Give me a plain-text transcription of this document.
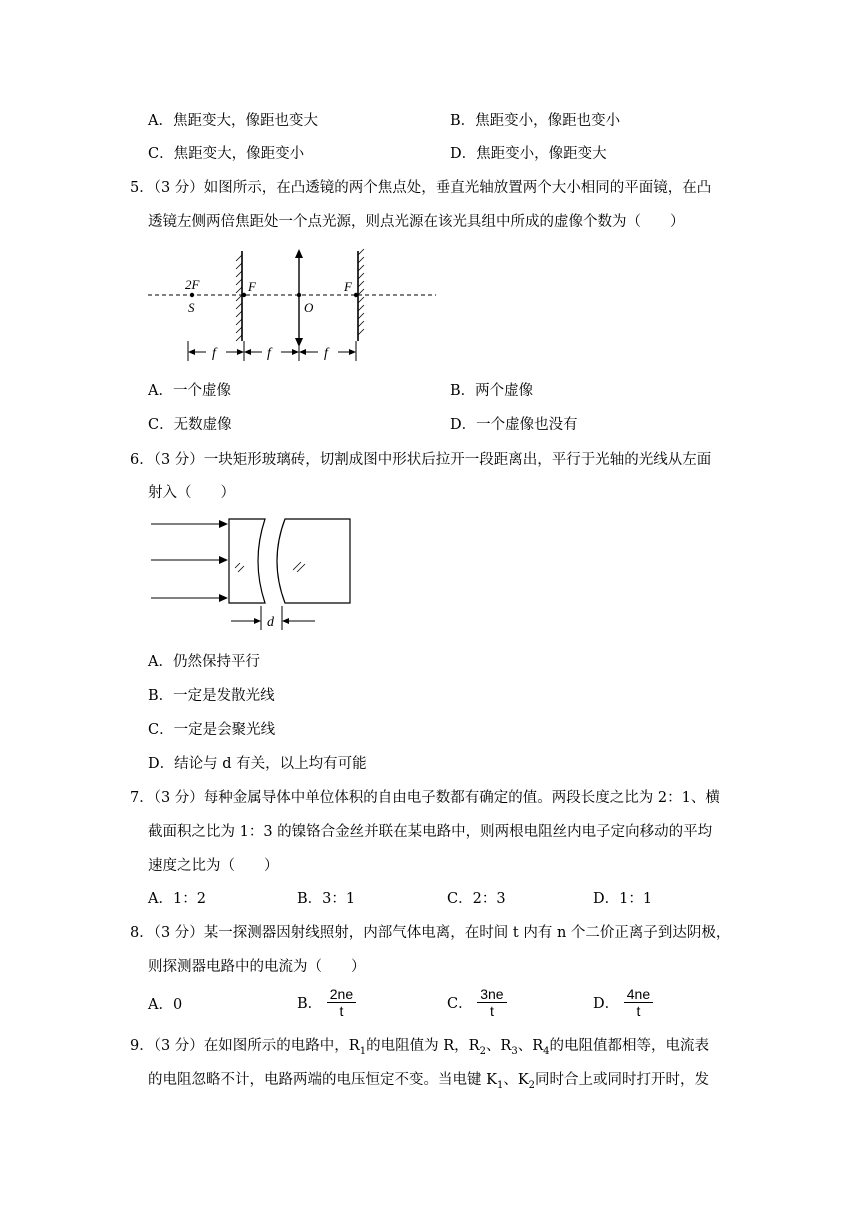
A．焦距变大，像距也变大	B．焦距变小，像距也变小
C．焦距变大，像距变小	D．焦距变小，像距变大
5．（3 分）如图所示，在凸透镜的两个焦点处，垂直光轴放置两个大小相同的平面镜，在凸
透镜左侧两倍焦距处一个点光源，则点光源在该光具组中所成的虚像个数为（　　）
2F
S
F
O
F
f	f	f
A．一个虚像	B．两个虚像
C．无数虚像	D．一个虚像也没有
6．（3 分）一块矩形玻璃砖，切割成图中形状后拉开一段距离出，平行于光轴的光线从左面
射入（　　）
d
A．仍然保持平行
B．一定是发散光线
C．一定是会聚光线
D．结论与 d 有关，以上均有可能
7．（3 分）每种金属导体中单位体积的自由电子数都有确定的值。两段长度之比为 2：1、横
截面积之比为 1：3 的镍铬合金丝并联在某电路中，则两根电阻丝内电子定向移动的平均
速度之比为（　　）
A．1：2	B．3：1	C．2：3	D．1：1
8．（3 分）某一探测器因射线照射，内部气体电离，在时间 t 内有 n 个二价正离子到达阴极，
则探测器电路中的电流为（　　）
A．0	B． $\frac{2ne}{t}$	C． $\frac{3ne}{t}$	D． $\frac{4ne}{t}$
9．（3 分）在如图所示的电路中，$R_1$的电阻值为 R，$R_2$、$R_3$、$R_4$的电阻值都相等，电流表
的电阻忽略不计，电路两端的电压恒定不变。当电键 $K_1$、$K_2$同时合上或同时打开时，发
